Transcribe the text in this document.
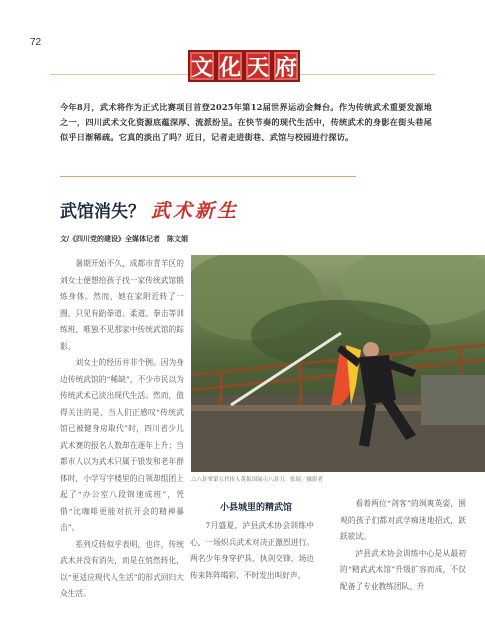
72
文 化 天 府

今年8月，武术将作为正式比赛项目首登2025年第12届世界运动会舞台。作为传统武术重要发源地之一，四川武术文化资源底蕴深厚、流派纷呈。在快节奏的现代生活中，传统武术的身影在街头巷尾似乎日渐稀疏。它真的淡出了吗？近日，记者走进街巷、武馆与校园进行探访。

武馆消失？ 武术新生
文/《四川党的建设》全媒体记者　陈文娟

暑期开始不久，成都市青羊区的刘女士便想给孩子找一家传统武馆锻炼身体。然而，她在家附近转了一圈，只见有跆拳道、柔道、拳击等训练班，唯独不见那家中传统武馆的踪影。

刘女士的经历并非个例。因为身边传统武馆的“稀缺”，不少市民以为传统武术已淡出现代生活。然而，值得关注的是，当人们正感叹“传统武馆已被健身房取代”时，四川省少儿武术赛的报名人数却在逐年上升；当都市人以为武术只属于银发和老年群体时，小学写字楼里的白领却组团上起了“办公室八段锦速成班”，凭借“比咖啡更能对抗开会的精神暴击”。

系列反转似乎表明，也许，传统武术并没有消失，而是在悄然转化，以“更适应现代人生活”的形式回归大众生活。

△八卦掌第五代传人黄振国展示八卦刀。张琨／摄影者
小县城里的精武馆

7月盛夏，泸县武术协会训练中心，一场炽兵武术对决正激烈进行。两名少年身穿护具、执剑交锋，场边传来阵阵喝彩，不时发出叫好声。

看着两位“剑客”的飒爽英姿，围观的孩子们都对武学痴迷地招式，跃跃欲试。

泸县武术协会训练中心是从最初的“精武武术馆”升级扩容而成，不仅配备了专业教练团队、升
